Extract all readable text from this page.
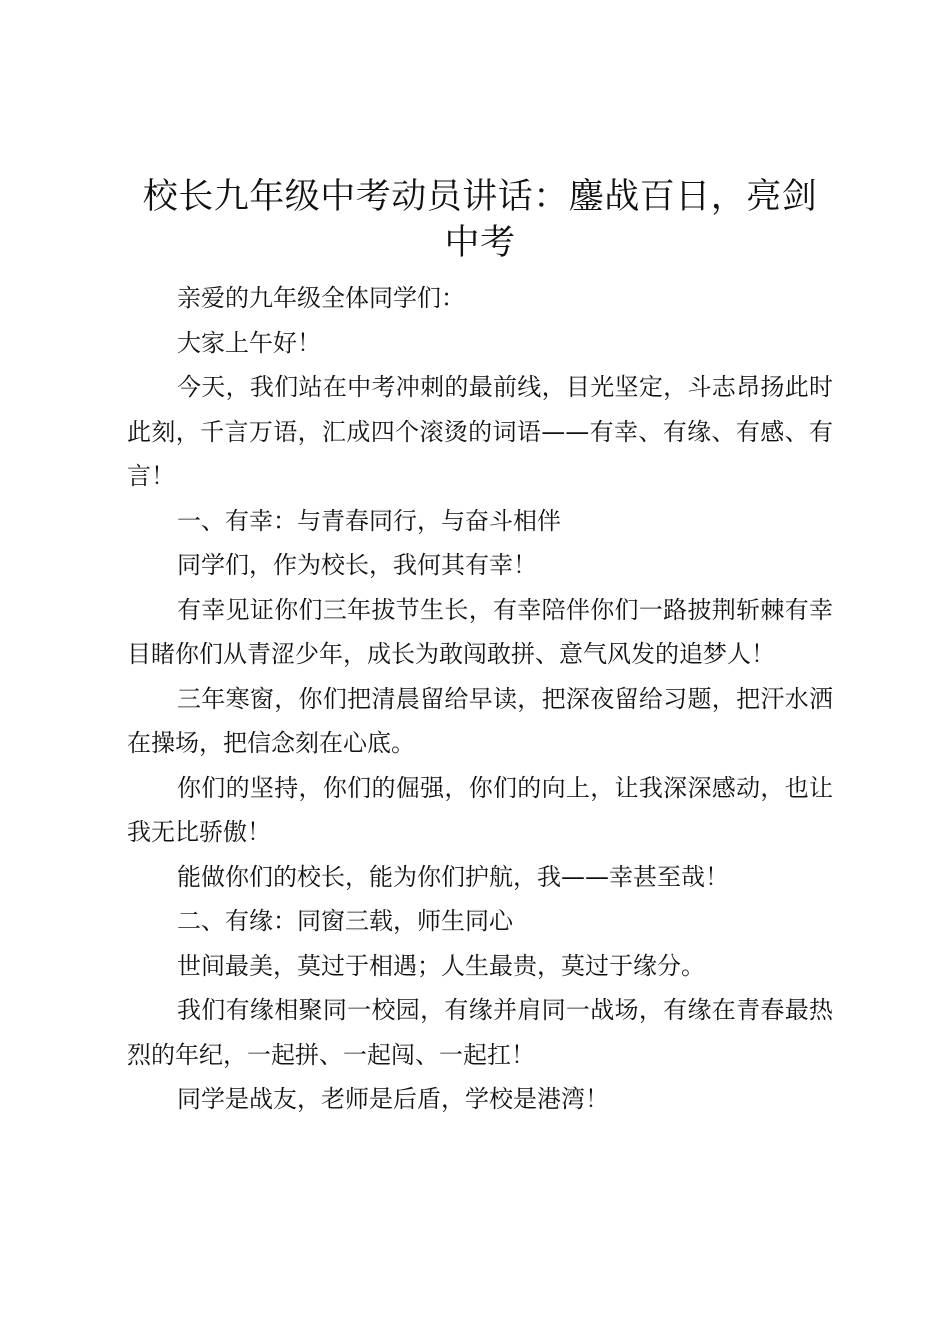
校长九年级中考动员讲话：鏖战百日，亮剑中考

亲爱的九年级全体同学们：

大家上午好！

今天，我们站在中考冲刺的最前线，目光坚定，斗志昂扬此时此刻，千言万语，汇成四个滚烫的词语——有幸、有缘、有感、有言！

一、有幸：与青春同行，与奋斗相伴

同学们，作为校长，我何其有幸！

有幸见证你们三年拔节生长，有幸陪伴你们一路披荆斩棘有幸目睹你们从青涩少年，成长为敢闯敢拼、意气风发的追梦人！

三年寒窗，你们把清晨留给早读，把深夜留给习题，把汗水洒在操场，把信念刻在心底。

你们的坚持，你们的倔强，你们的向上，让我深深感动，也让我无比骄傲！

能做你们的校长，能为你们护航，我——幸甚至哉！

二、有缘：同窗三载，师生同心

世间最美，莫过于相遇；人生最贵，莫过于缘分。

我们有缘相聚同一校园，有缘并肩同一战场，有缘在青春最热烈的年纪，一起拼、一起闯、一起扛！

同学是战友，老师是后盾，学校是港湾！
